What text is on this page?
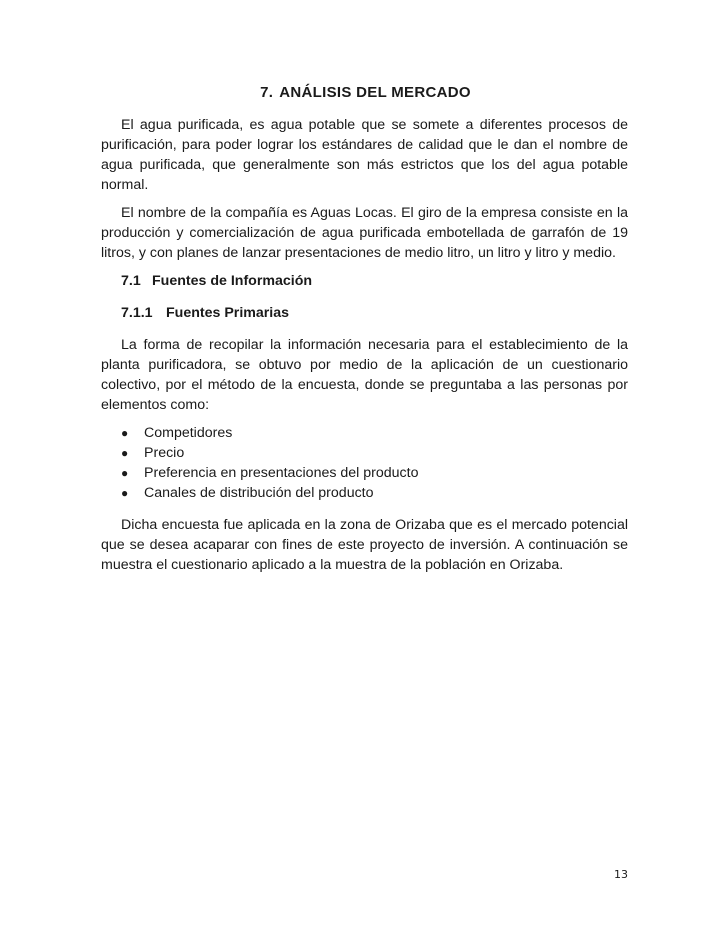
7. ANÁLISIS DEL MERCADO

El agua purificada, es agua potable que se somete a diferentes procesos de purificación, para poder lograr los estándares de calidad que le dan el nombre de agua purificada, que generalmente son más estrictos que los del agua potable normal.

El nombre de la compañía es Aguas Locas. El giro de la empresa consiste en la producción y comercialización de agua purificada embotellada de garrafón de 19 litros, y con planes de lanzar presentaciones de medio litro, un litro y litro y medio.

7.1 Fuentes de Información
7.1.1 Fuentes Primarias

La forma de recopilar la información necesaria para el establecimiento de la planta purificadora, se obtuvo por medio de la aplicación de un cuestionario colectivo, por el método de la encuesta, donde se preguntaba a las personas por elementos como:

● Competidores
● Precio
● Preferencia en presentaciones del producto
● Canales de distribución del producto

Dicha encuesta fue aplicada en la zona de Orizaba que es el mercado potencial que se desea acaparar con fines de este proyecto de inversión. A continuación se muestra el cuestionario aplicado a la muestra de la población en Orizaba.

13
